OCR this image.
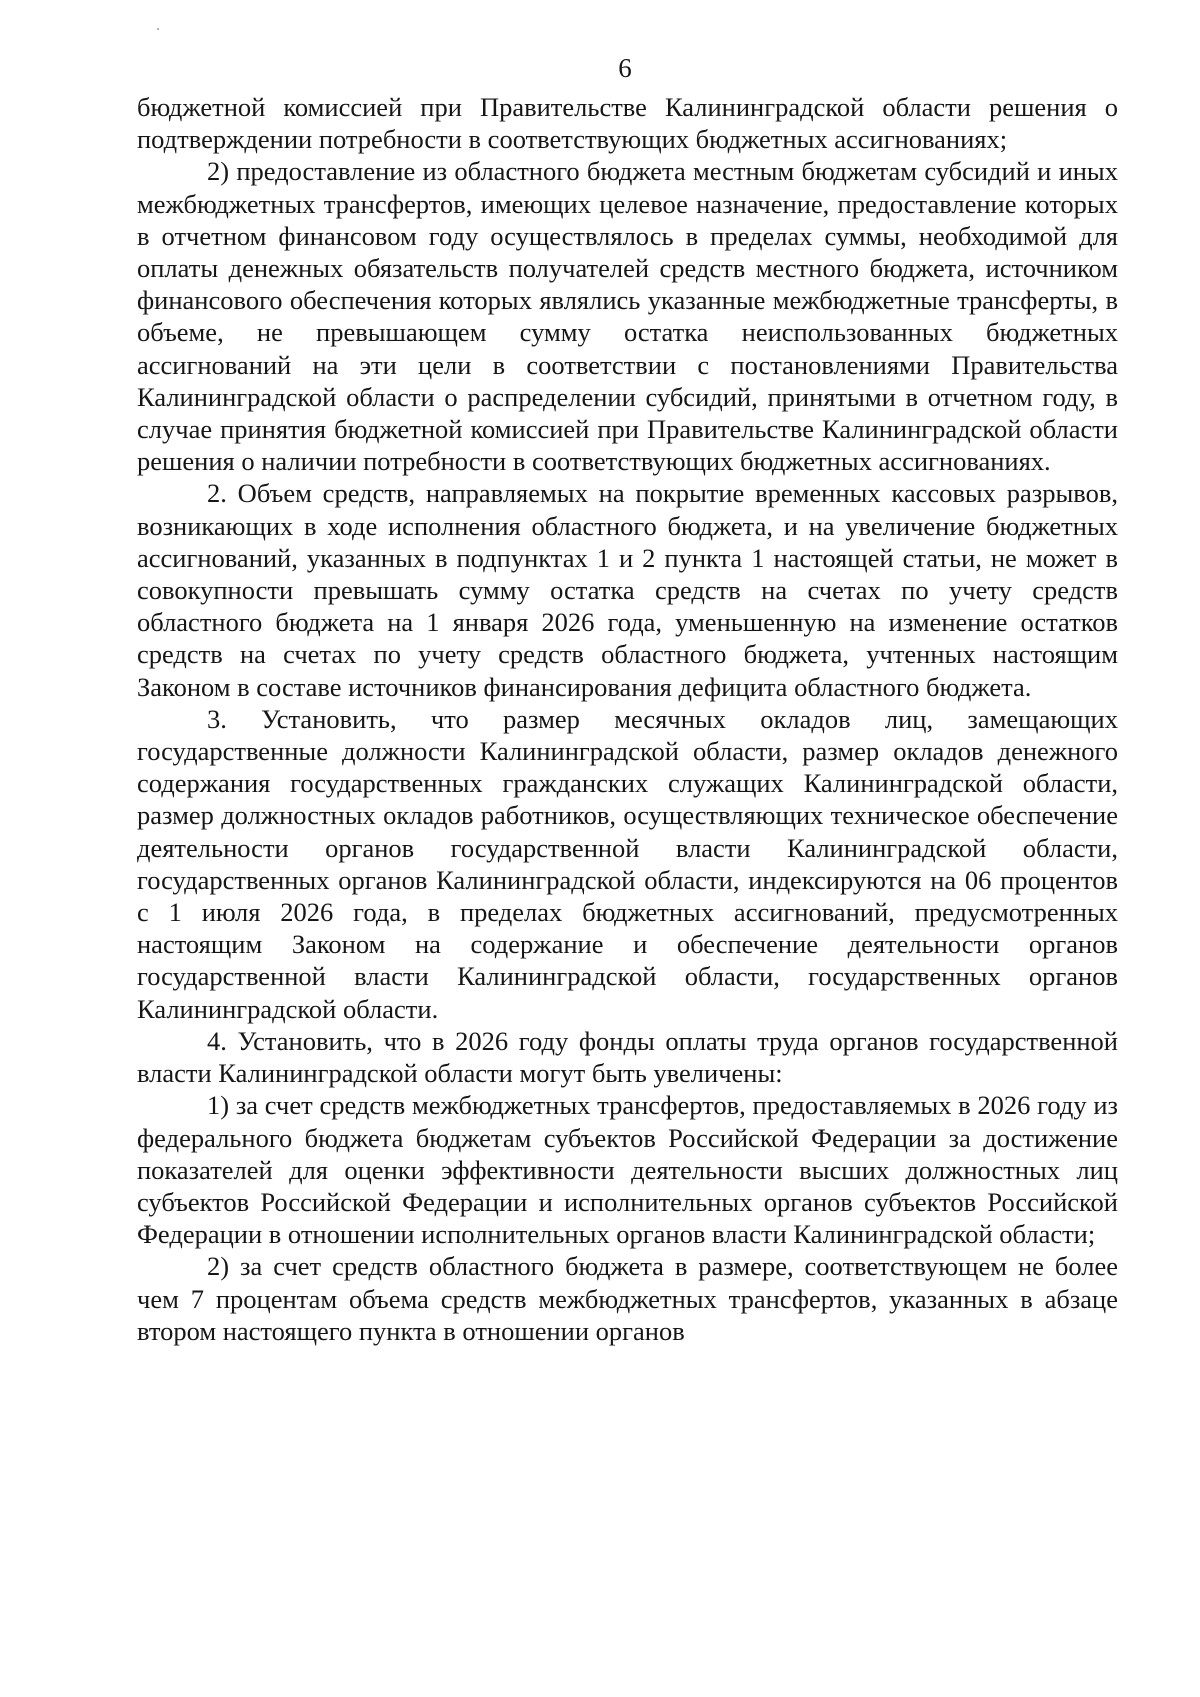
6

бюджетной комиссией при Правительстве Калининградской области решения о подтверждении потребности в соответствующих бюджетных ассигнованиях;

2) предоставление из областного бюджета местным бюджетам субсидий и иных межбюджетных трансфертов, имеющих целевое назначение, предоставление которых в отчетном финансовом году осуществлялось в пределах суммы, необходимой для оплаты денежных обязательств получателей средств местного бюджета, источником финансового обеспечения которых являлись указанные межбюджетные трансферты, в объеме, не превышающем сумму остатка неиспользованных бюджетных ассигнований на эти цели в соответствии с постановлениями Правительства Калининградской области о распределении субсидий, принятыми в отчетном году, в случае принятия бюджетной комиссией при Правительстве Калининградской области решения о наличии потребности в соответствующих бюджетных ассигнованиях.

2. Объем средств, направляемых на покрытие временных кассовых разрывов, возникающих в ходе исполнения областного бюджета, и на увеличение бюджетных ассигнований, указанных в подпунктах 1 и 2 пункта 1 настоящей статьи, не может в совокупности превышать сумму остатка средств на счетах по учету средств областного бюджета на 1 января 2026 года, уменьшенную на изменение остатков средств на счетах по учету средств областного бюджета, учтенных настоящим Законом в составе источников финансирования дефицита областного бюджета.

3. Установить, что размер месячных окладов лиц, замещающих государственные должности Калининградской области, размер окладов денежного содержания государственных гражданских служащих Калининградской области, размер должностных окладов работников, осуществляющих техническое обеспечение деятельности органов государственной власти Калининградской области, государственных органов Калининградской области, индексируются на 06 процентов с 1 июля 2026 года, в пределах бюджетных ассигнований, предусмотренных настоящим Законом на содержание и обеспечение деятельности органов государственной власти Калининградской области, государственных органов Калининградской области.

4. Установить, что в 2026 году фонды оплаты труда органов государственной власти Калининградской области могут быть увеличены:

1) за счет средств межбюджетных трансфертов, предоставляемых в 2026 году из федерального бюджета бюджетам субъектов Российской Федерации за достижение показателей для оценки эффективности деятельности высших должностных лиц субъектов Российской Федерации и исполнительных органов субъектов Российской Федерации в отношении исполнительных органов власти Калининградской области;

2) за счет средств областного бюджета в размере, соответствующем не более чем 7 процентам объема средств межбюджетных трансфертов, указанных в абзаце втором настоящего пункта в отношении органов
